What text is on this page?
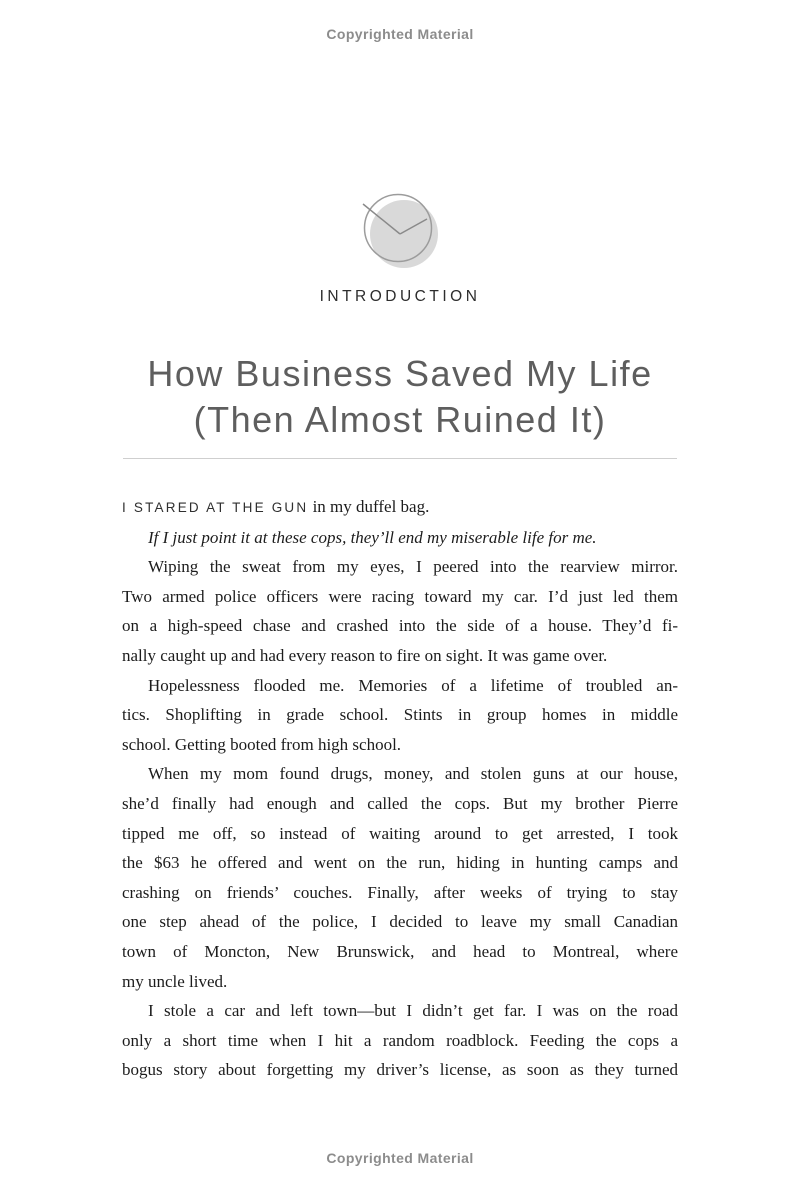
Copyrighted Material
INTRODUCTION
How Business Saved My Life
(Then Almost Ruined It)
I STARED AT THE GUN in my duffel bag.
If I just point it at these cops, they’ll end my miserable life for me.
Wiping the sweat from my eyes, I peered into the rearview mirror.
Two armed police officers were racing toward my car. I’d just led them
on a high-speed chase and crashed into the side of a house. They’d fi-
nally caught up and had every reason to fire on sight. It was game over.
Hopelessness flooded me. Memories of a lifetime of troubled an-
tics. Shoplifting in grade school. Stints in group homes in middle
school. Getting booted from high school.
When my mom found drugs, money, and stolen guns at our house,
she’d finally had enough and called the cops. But my brother Pierre
tipped me off, so instead of waiting around to get arrested, I took
the $63 he offered and went on the run, hiding in hunting camps and
crashing on friends’ couches. Finally, after weeks of trying to stay
one step ahead of the police, I decided to leave my small Canadian
town of Moncton, New Brunswick, and head to Montreal, where
my uncle lived.
I stole a car and left town—but I didn’t get far. I was on the road
only a short time when I hit a random roadblock. Feeding the cops a
bogus story about forgetting my driver’s license, as soon as they turned
Copyrighted Material
